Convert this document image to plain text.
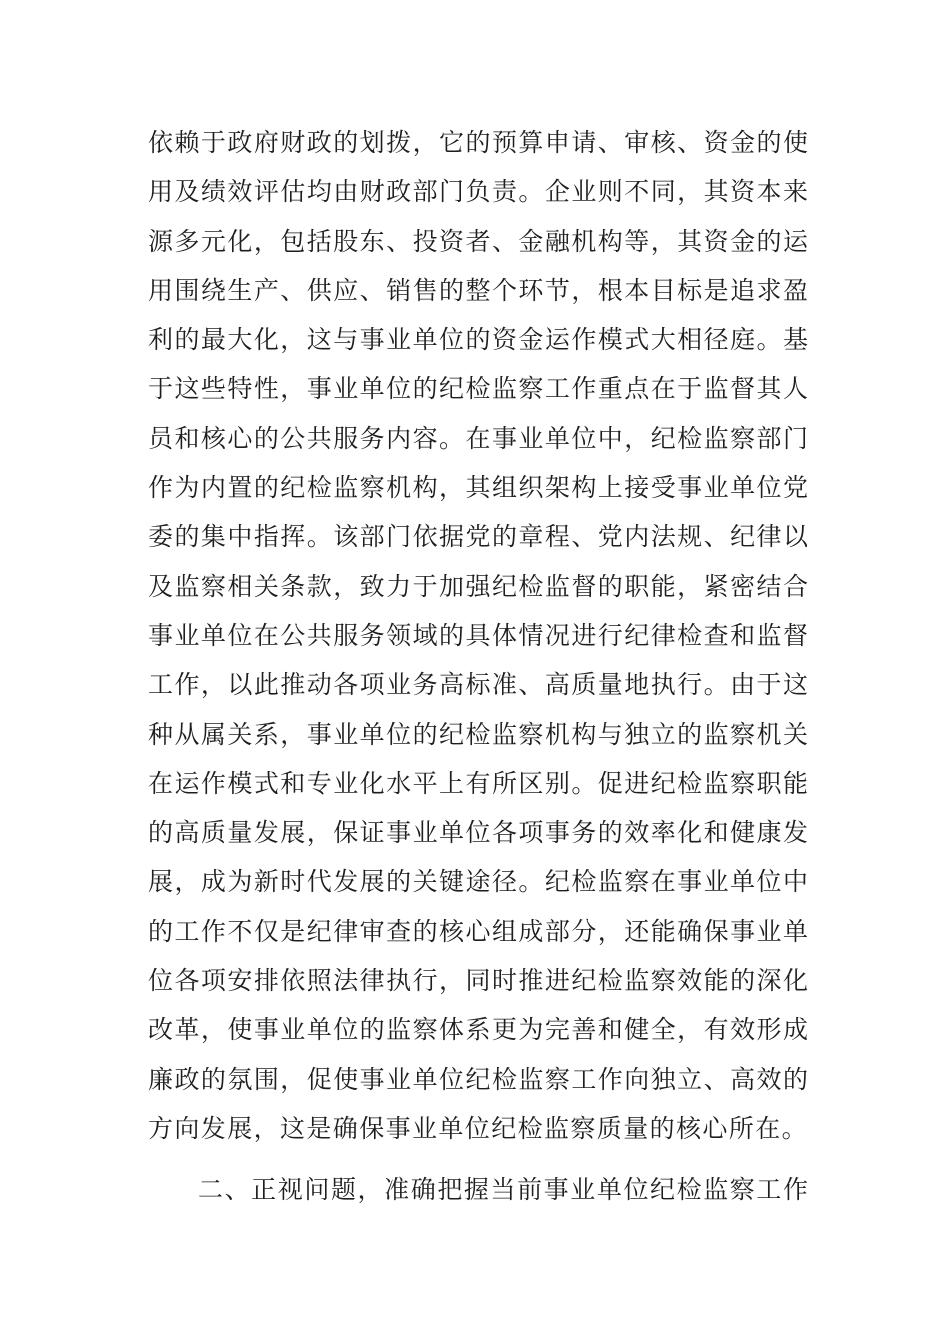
依赖于政府财政的划拨，它的预算申请、审核、资金的使
用及绩效评估均由财政部门负责。企业则不同，其资本来
源多元化，包括股东、投资者、金融机构等，其资金的运
用围绕生产、供应、销售的整个环节，根本目标是追求盈
利的最大化，这与事业单位的资金运作模式大相径庭。基
于这些特性，事业单位的纪检监察工作重点在于监督其人
员和核心的公共服务内容。在事业单位中，纪检监察部门
作为内置的纪检监察机构，其组织架构上接受事业单位党
委的集中指挥。该部门依据党的章程、党内法规、纪律以
及监察相关条款，致力于加强纪检监督的职能，紧密结合
事业单位在公共服务领域的具体情况进行纪律检查和监督
工作，以此推动各项业务高标准、高质量地执行。由于这
种从属关系，事业单位的纪检监察机构与独立的监察机关
在运作模式和专业化水平上有所区别。促进纪检监察职能
的高质量发展，保证事业单位各项事务的效率化和健康发
展，成为新时代发展的关键途径。纪检监察在事业单位中
的工作不仅是纪律审查的核心组成部分，还能确保事业单
位各项安排依照法律执行，同时推进纪检监察效能的深化
改革，使事业单位的监察体系更为完善和健全，有效形成
廉政的氛围，促使事业单位纪检监察工作向独立、高效的
方向发展，这是确保事业单位纪检监察质量的核心所在。
二、正视问题，准确把握当前事业单位纪检监察工作
